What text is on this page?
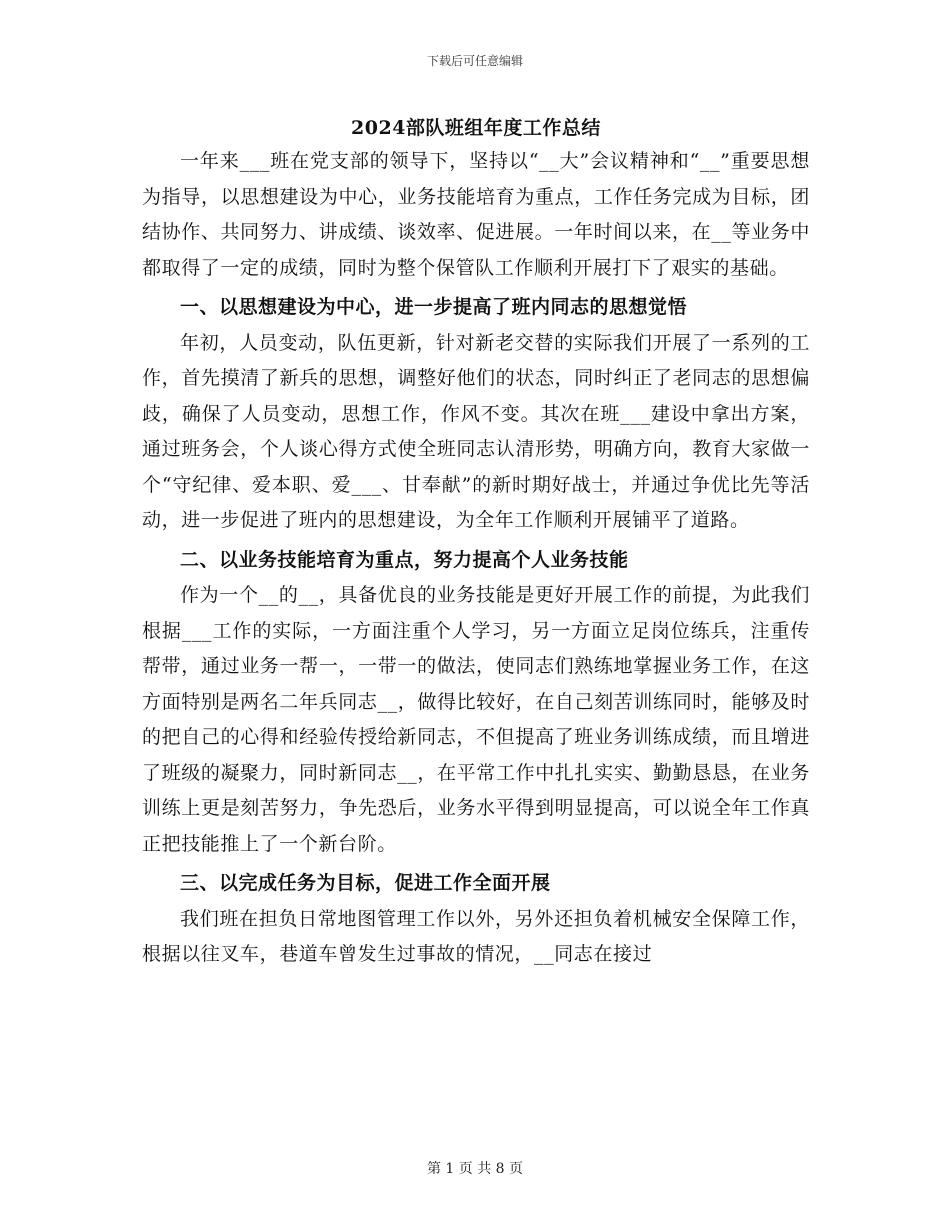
下载后可任意编辑
2024部队班组年度工作总结

一年来___班在党支部的领导下，坚持以“__大”会议精神和“__”重要思想为指导，以思想建设为中心，业务技能培育为重点，工作任务完成为目标，团结协作、共同努力、讲成绩、谈效率、促进展。一年时间以来，在__等业务中都取得了一定的成绩，同时为整个保管队工作顺利开展打下了艰实的基础。

一、以思想建设为中心，进一步提高了班内同志的思想觉悟

年初，人员变动，队伍更新，针对新老交替的实际我们开展了一系列的工作，首先摸清了新兵的思想，调整好他们的状态，同时纠正了老同志的思想偏歧，确保了人员变动，思想工作，作风不变。其次在班___建设中拿出方案，通过班务会，个人谈心得方式使全班同志认清形势，明确方向，教育大家做一个“守纪律、爱本职、爱___、甘奉献”的新时期好战士，并通过争优比先等活动，进一步促进了班内的思想建设，为全年工作顺利开展铺平了道路。

二、以业务技能培育为重点，努力提高个人业务技能

作为一个__的__，具备优良的业务技能是更好开展工作的前提，为此我们根据___工作的实际，一方面注重个人学习，另一方面立足岗位练兵，注重传帮带，通过业务一帮一，一带一的做法，使同志们熟练地掌握业务工作，在这方面特别是两名二年兵同志__，做得比较好，在自己刻苦训练同时，能够及时的把自己的心得和经验传授给新同志，不但提高了班业务训练成绩，而且增进了班级的凝聚力，同时新同志__，在平常工作中扎扎实实、勤勤恳恳，在业务训练上更是刻苦努力，争先恐后，业务水平得到明显提高，可以说全年工作真正把技能推上了一个新台阶。

三、以完成任务为目标，促进工作全面开展

我们班在担负日常地图管理工作以外，另外还担负着机械安全保障工作，根据以往叉车，巷道车曾发生过事故的情况，__同志在接过

第 1 页 共 8 页
